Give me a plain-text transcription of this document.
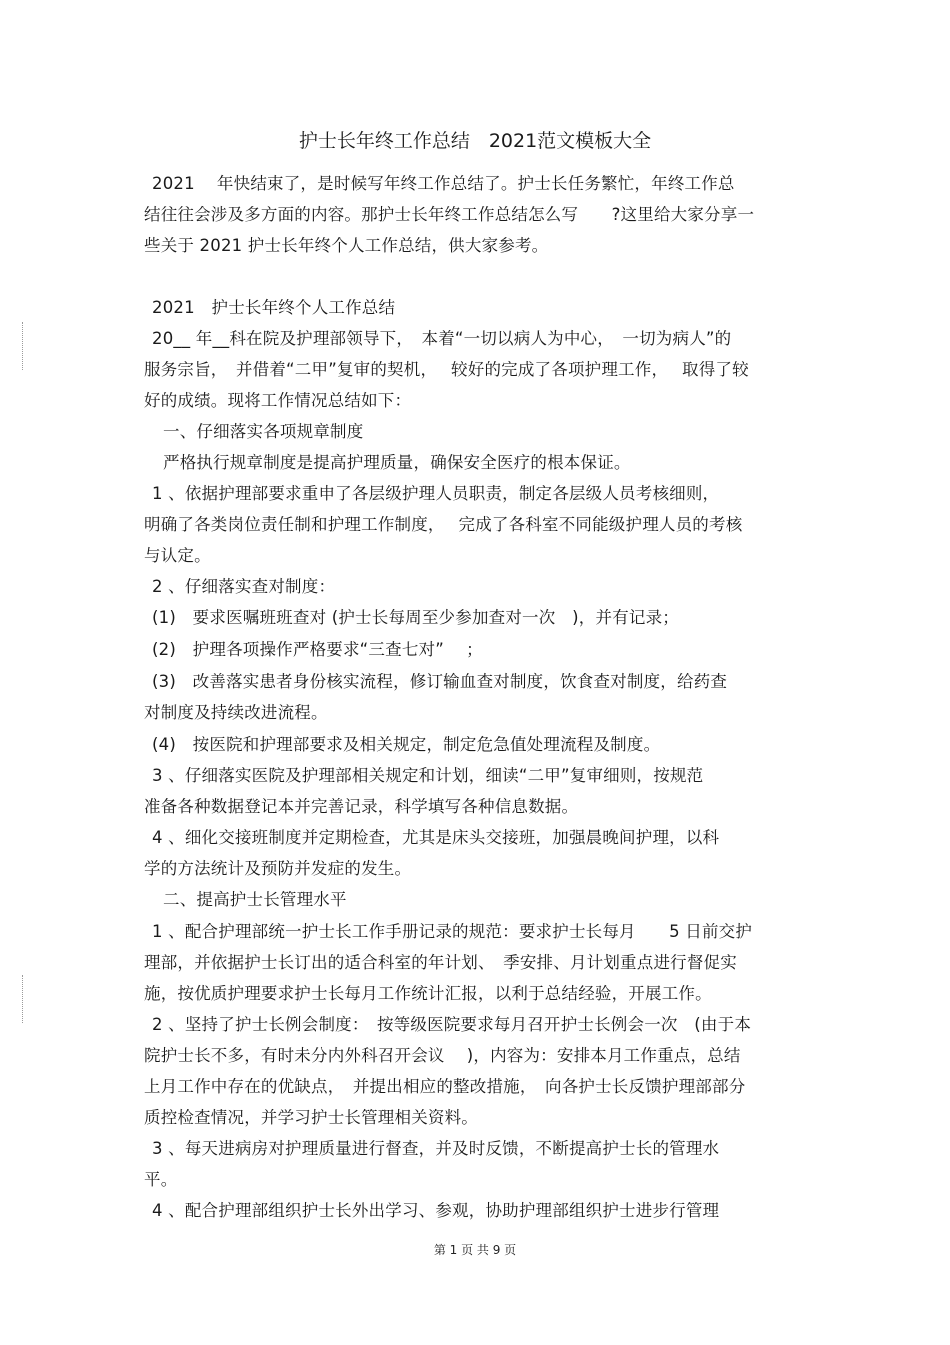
护士长年终工作总结　2021范文模板大全
2021　 年快结束了，是时候写年终工作总结了。护士长任务繁忙，年终工作总
结往往会涉及多方面的内容。那护士长年终工作总结怎么写　　?这里给大家分享一
些关于 2021 护士长年终个人工作总结，供大家参考。
2021　护士长年终个人工作总结
20__ 年__科在院及护理部领导下，　本着“一切以病人为中心，　一切为病人”的
服务宗旨，　并借着“二甲”复审的契机，　 较好的完成了各项护理工作，　 取得了较
好的成绩。现将工作情况总结如下：
一、仔细落实各项规章制度
严格执行规章制度是提高护理质量，确保安全医疗的根本保证。
1 、依据护理部要求重申了各层级护理人员职责，制定各层级人员考核细则，
明确了各类岗位责任制和护理工作制度，　 完成了各科室不同能级护理人员的考核
与认定。
2 、仔细落实查对制度：
(1)　要求医嘱班班查对 (护士长每周至少参加查对一次　)，并有记录；
(2)　护理各项操作严格要求“三查七对”　 ；
(3)　改善落实患者身份核实流程，修订输血查对制度，饮食查对制度，给药查
对制度及持续改进流程。
(4)　按医院和护理部要求及相关规定，制定危急值处理流程及制度。
3 、仔细落实医院及护理部相关规定和计划，细读“二甲”复审细则，按规范
准备各种数据登记本并完善记录，科学填写各种信息数据。
4 、细化交接班制度并定期检查，尤其是床头交接班，加强晨晚间护理，以科
学的方法统计及预防并发症的发生。
二、提高护士长管理水平
1 、配合护理部统一护士长工作手册记录的规范：要求护士长每月　　5 日前交护
理部，并依据护士长订出的适合科室的年计划、　季安排、月计划重点进行督促实
施，按优质护理要求护士长每月工作统计汇报，以利于总结经验，开展工作。
2 、坚持了护士长例会制度：　按等级医院要求每月召开护士长例会一次　(由于本
院护士长不多，有时未分内外科召开会议　 )，内容为：安排本月工作重点，总结
上月工作中存在的优缺点，　并提出相应的整改措施，　向各护士长反馈护理部部分
质控检查情况，并学习护士长管理相关资料。
3 、每天进病房对护理质量进行督查，并及时反馈，不断提高护士长的管理水
平。
4 、配合护理部组织护士长外出学习、参观，协助护理部组织护士进步行管理
第 1 页 共 9 页
